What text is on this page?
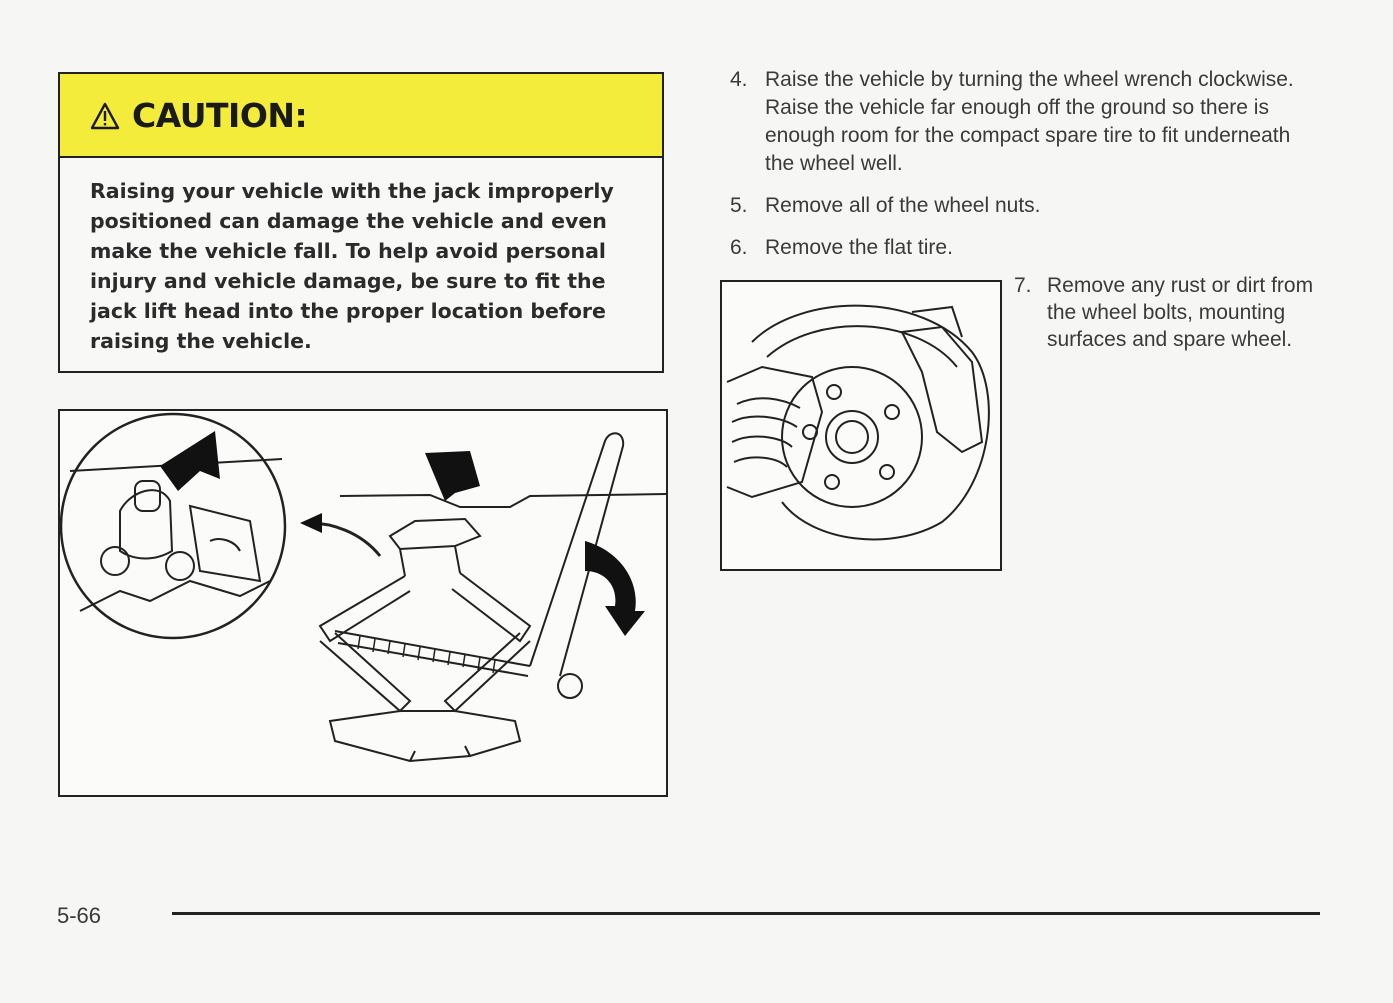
CAUTION:
Raising your vehicle with the jack improperly positioned can damage the vehicle and even make the vehicle fall. To help avoid personal injury and vehicle damage, be sure to fit the jack lift head into the proper location before raising the vehicle.
4. Raise the vehicle by turning the wheel wrench clockwise. Raise the vehicle far enough off the ground so there is enough room for the compact spare tire to fit underneath the wheel well.
5. Remove all of the wheel nuts.
6. Remove the flat tire.
7. Remove any rust or dirt from the wheel bolts, mounting surfaces and spare wheel.
5-66
